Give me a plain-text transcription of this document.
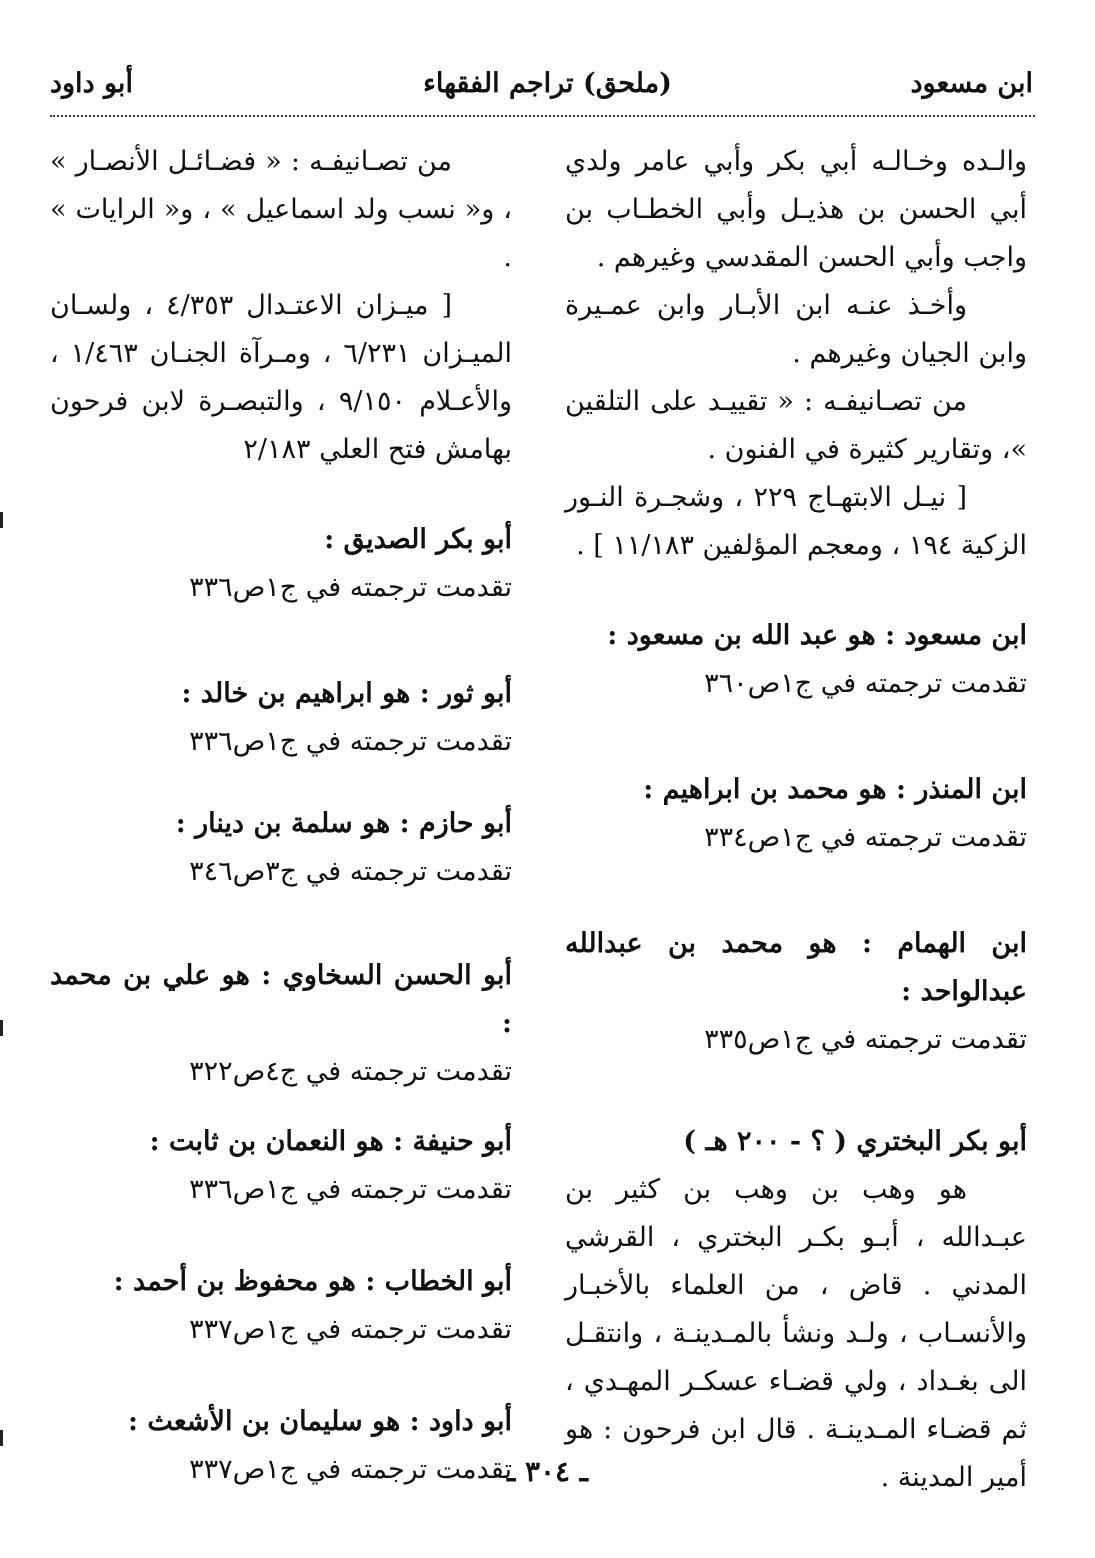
ابن مسعود
(ملحق) تراجم الفقهاء
أبو داود

والـده وخـالـه أبي بكر وأبي عامر ولدي أبي الحسن بن هذيـل وأبي الخطـاب بن واجب وأبي الحسن المقدسي وغيرهم .

وأخـذ عنـه ابن الأبـار وابن عمـيرة وابن الجيان وغيرهم .

من تصـانيفـه : « تقييـد على التلقين »، وتقارير كثيرة في الفنون .

[ نيـل الابتهـاج ٢٢٩ ، وشجـرة النـور الزكية ١٩٤ ، ومعجم المؤلفين ١١/١٨٣ ] .

ابن مسعود : هو عبد الله بن مسعود :

تقدمت ترجمته في ج١ص٣٦٠

ابن المنذر : هو محمد بن ابراهيم :

تقدمت ترجمته في ج١ص٣٣٤

ابن الهمام : هو محمد بن عبدالله عبدالواحد :

تقدمت ترجمته في ج١ص٣٣٥

أبو بكر البختري ( ؟ - ٢٠٠ هـ )

هو وهب بن وهب بن كثير بن عبـدالله ، أبـو بكـر البختري ، القرشي المدني . قاض ، من العلماء بالأخبـار والأنسـاب ، ولـد ونشأ بالمـدينـة ، وانتقـل الى بغـداد ، ولي قضـاء عسكـر المهـدي ، ثم قضـاء المـدينـة . قال ابن فرحون : هو أمير المدينة .

من تصـانيفـه : « فضـائـل الأنصـار » ، و« نسب ولد اسماعيل » ، و« الرايات » .

[ ميـزان الاعتـدال ٤/٣٥٣ ، ولسـان الميـزان ٦/٢٣١ ، ومـرآة الجنـان ١/٤٦٣ ، والأعـلام ٩/١٥٠ ، والتبصـرة لابن فرحون بهامش فتح العلي ٢/١٨٣

أبو بكر الصديق :

تقدمت ترجمته في ج١ص٣٣٦

أبو ثور : هو ابراهيم بن خالد :

تقدمت ترجمته في ج١ص٣٣٦

أبو حازم : هو سلمة بن دينار :

تقدمت ترجمته في ج٣ص٣٤٦

أبو الحسن السخاوي : هو علي بن محمد :

تقدمت ترجمته في ج٤ص٣٢٢

أبو حنيفة : هو النعمان بن ثابت :

تقدمت ترجمته في ج١ص٣٣٦

أبو الخطاب : هو محفوظ بن أحمد :

تقدمت ترجمته في ج١ص٣٣٧

أبو داود : هو سليمان بن الأشعث :

تقدمت ترجمته في ج١ص٣٣٧

ـ ٣٠٤ ـ
